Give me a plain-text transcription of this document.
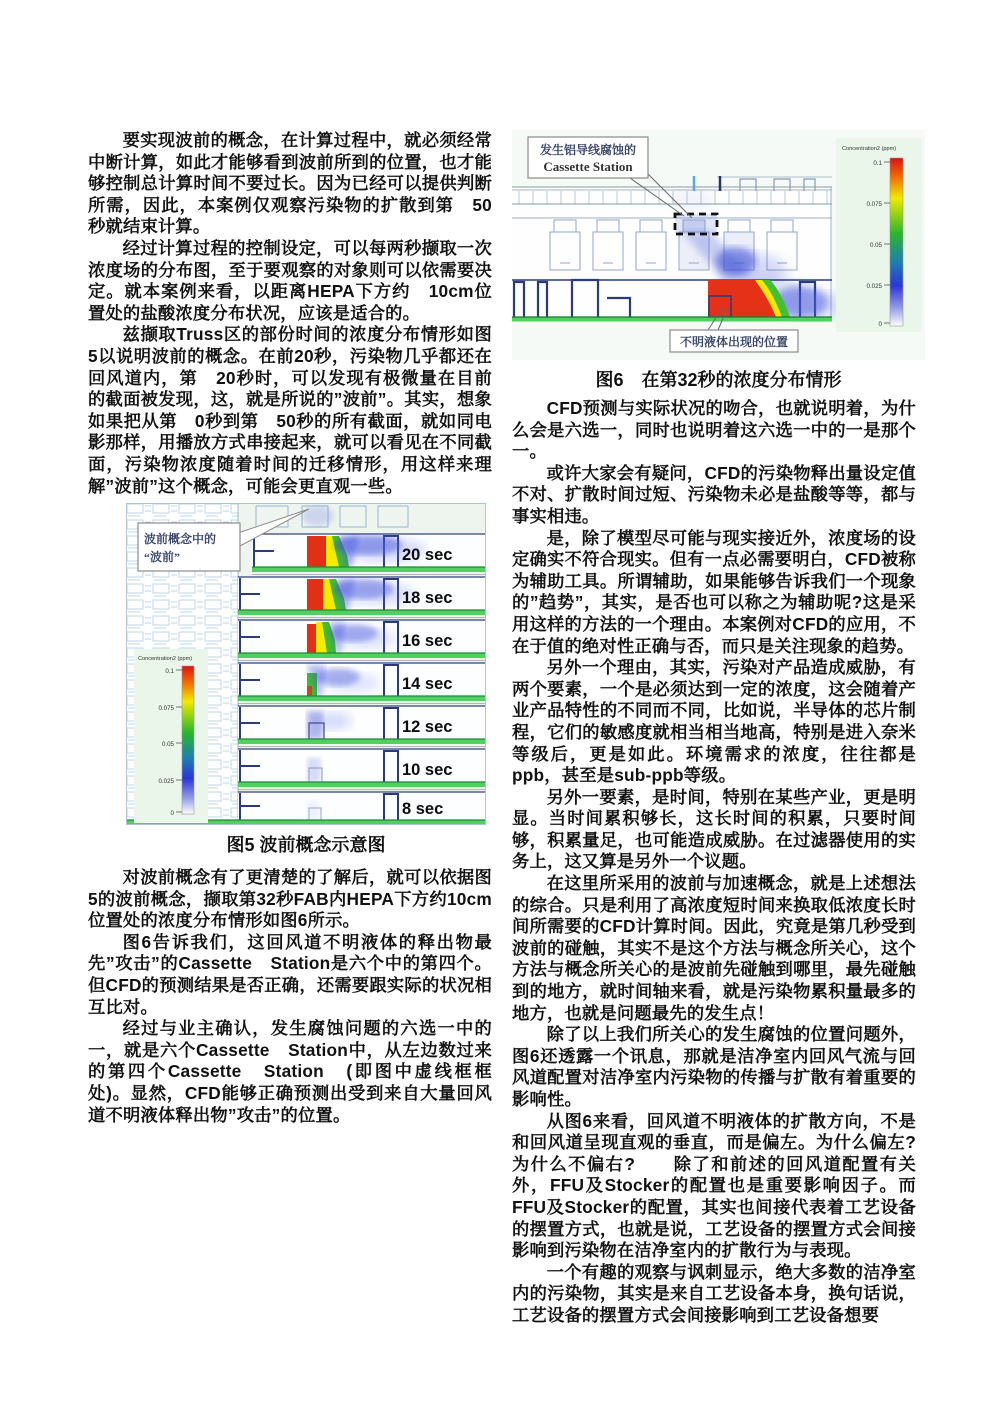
要实现波前的概念，在计算过程中，就必须经常中断计算，如此才能够看到波前所到的位置，也才能够控制总计算时间不要过长。因为已经可以提供判断所需，因此，本案例仅观察污染物的扩散到第　50秒就结束计算。

经过计算过程的控制设定，可以每两秒撷取一次浓度场的分布图，至于要观察的对象则可以依需要决定。就本案例来看，以距离HEPA下方约　10cm位置处的盐酸浓度分布状况，应该是适合的。

兹撷取Truss区的部份时间的浓度分布情形如图5以说明波前的概念。在前20秒，污染物几乎都还在回风道内，第　20秒时，可以发现有极微量在目前的截面被发现，这，就是所说的”波前”。其实，想象如果把从第　0秒到第　50秒的所有截面，就如同电影那样，用播放方式串接起来，就可以看见在不同截面，污染物浓度随着时间的迁移情形，用这样来理解”波前”这个概念，可能会更直观一些。

20 sec
18 sec
16 sec
14 sec
12 sec
10 sec
8 sec
Concentration2 (ppm)
0.1
0.075
0.05
0.025
0
波前概念中的
“波前”
图5 波前概念示意图

对波前概念有了更清楚的了解后，就可以依据图5的波前概念，撷取第32秒FAB内HEPA下方约10cm位置处的浓度分布情形如图6所示。

图6告诉我们，这回风道不明液体的释出物最先”攻击”的Cassette　Station是六个中的第四个。但CFD的预测结果是否正确，还需要跟实际的状况相互比对。

经过与业主确认，发生腐蚀问题的六选一中的一，就是六个Cassette　Station中，从左边数过来的第四个Cassette　Station　(即图中虚线框框处)。显然，CFD能够正确预测出受到来自大量回风道不明液体释出物”攻击”的位置。

发生铝导线腐蚀的
Cassette Station
不明液体出现的位置
Concentration2 (ppm)
0.1
0.075
0.05
0.025
0
图6　在第32秒的浓度分布情形

CFD预测与实际状况的吻合，也就说明着，为什么会是六选一，同时也说明着这六选一中的一是那个一。

或许大家会有疑问，CFD的污染物释出量设定值不对、扩散时间过短、污染物未必是盐酸等等，都与事实相违。

是，除了模型尽可能与现实接近外，浓度场的设定确实不符合现实。但有一点必需要明白，CFD被称为辅助工具。所谓辅助，如果能够告诉我们一个现象的”趋势”，其实，是否也可以称之为辅助呢?这是采用这样的方法的一个理由。本案例对CFD的应用，不在于值的绝对性正确与否，而只是关注现象的趋势。

另外一个理由，其实，污染对产品造成威胁，有两个要素，一个是必须达到一定的浓度，这会随着产业产品特性的不同而不同，比如说，半导体的芯片制程，它们的敏感度就相当相当地高，特别是进入奈米等级后，更是如此。环境需求的浓度，往往都是ppb，甚至是sub-ppb等级。

另外一要素，是时间，特别在某些产业，更是明显。当时间累积够长，这长时间的积累，只要时间够，积累量足，也可能造成威胁。在过滤器使用的实务上，这又算是另外一个议题。

在这里所采用的波前与加速概念，就是上述想法的综合。只是利用了高浓度短时间来换取低浓度长时间所需要的CFD计算时间。因此，究竟是第几秒受到波前的碰触，其实不是这个方法与概念所关心，这个方法与概念所关心的是波前先碰触到哪里，最先碰触到的地方，就时间轴来看，就是污染物累积量最多的地方，也就是问题最先的发生点！

除了以上我们所关心的发生腐蚀的位置问题外，图6还透露一个讯息，那就是洁净室内回风气流与回风道配置对洁净室内污染物的传播与扩散有着重要的影响性。

从图6来看，回风道不明液体的扩散方向，不是和回风道呈现直观的垂直，而是偏左。为什么偏左?为什么不偏右?　　除了和前述的回风道配置有关外，FFU及Stocker的配置也是重要影响因子。而FFU及Stocker的配置，其实也间接代表着工艺设备的摆置方式，也就是说，工艺设备的摆置方式会间接影响到污染物在洁净室内的扩散行为与表现。

一个有趣的观察与讽刺显示，绝大多数的洁净室内的污染物，其实是来自工艺设备本身，换句话说，工艺设备的摆置方式会间接影响到工艺设备想要
